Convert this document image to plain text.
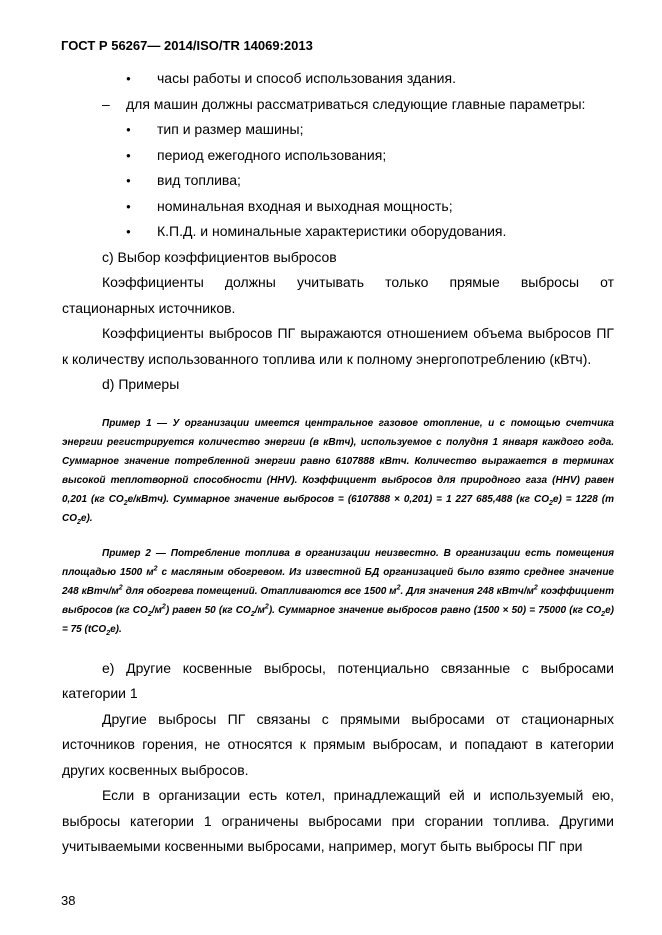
ГОСТ Р 56267— 2014/ISO/TR 14069:2013

● часы работы и способ использования здания.

– для машин должны рассматриваться следующие главные параметры:

● тип и размер машины;

● период ежегодного использования;

● вид топлива;

● номинальная входная и выходная мощность;

● К.П.Д. и номинальные характеристики оборудования.

с) Выбор коэффициентов выбросов

Коэффициенты должны учитывать только прямые выбросы от

стационарных источников.

Коэффициенты выбросов ПГ выражаются отношением объема выбросов ПГ к количеству использованного топлива или к полному энергопотреблению (кВтч).

d) Примеры

Пример 1 — У организации имеется центральное газовое отопление, и с помощью счетчика энергии регистрируется количество энергии (в кВтч), используемое с полудня 1 января каждого года. Суммарное значение потребленной энергии равно 6107888 кВтч. Количество выражается в терминах высокой теплотворной способности (HHV). Коэффициент выбросов для природного газа (HHV) равен 0,201 (кг $CO_2е/кВтч$). Суммарное значение выбросов = (6107888 × 0,201) = 1 227 685,488 (кг $CO_2е) = 1228$ (т $CO_2е$).

Пример 2 — Потребление топлива в организации неизвестно. В организации есть помещения площадью 1500 $м^2$ с масляным обогревом. Из известной БД организацией было взято среднее значение 248 кВтч/$м^2$ для обогрева помещений. Отапливаются все 1500 $м^2$. Для значения 248 кВтч/$м^2$ коэффициент выбросов (кг $CO_2/м^2$) равен 50 (кг $CO_2/м^2$). Суммарное значение выбросов равно (1500 × 50) = 75000 (кг $CO_2е) = 75$ (tCO$_2$е).

е) Другие косвенные выбросы, потенциально связанные с выбросами категории 1

Другие выбросы ПГ связаны с прямыми выбросами от стационарных источников горения, не относятся к прямым выбросам, и попадают в категории других косвенных выбросов.

Если в организации есть котел, принадлежащий ей и используемый ею, выбросы категории 1 ограничены выбросами при сгорании топлива. Другими учитываемыми косвенными выбросами, например, могут быть выбросы ПГ при

38
